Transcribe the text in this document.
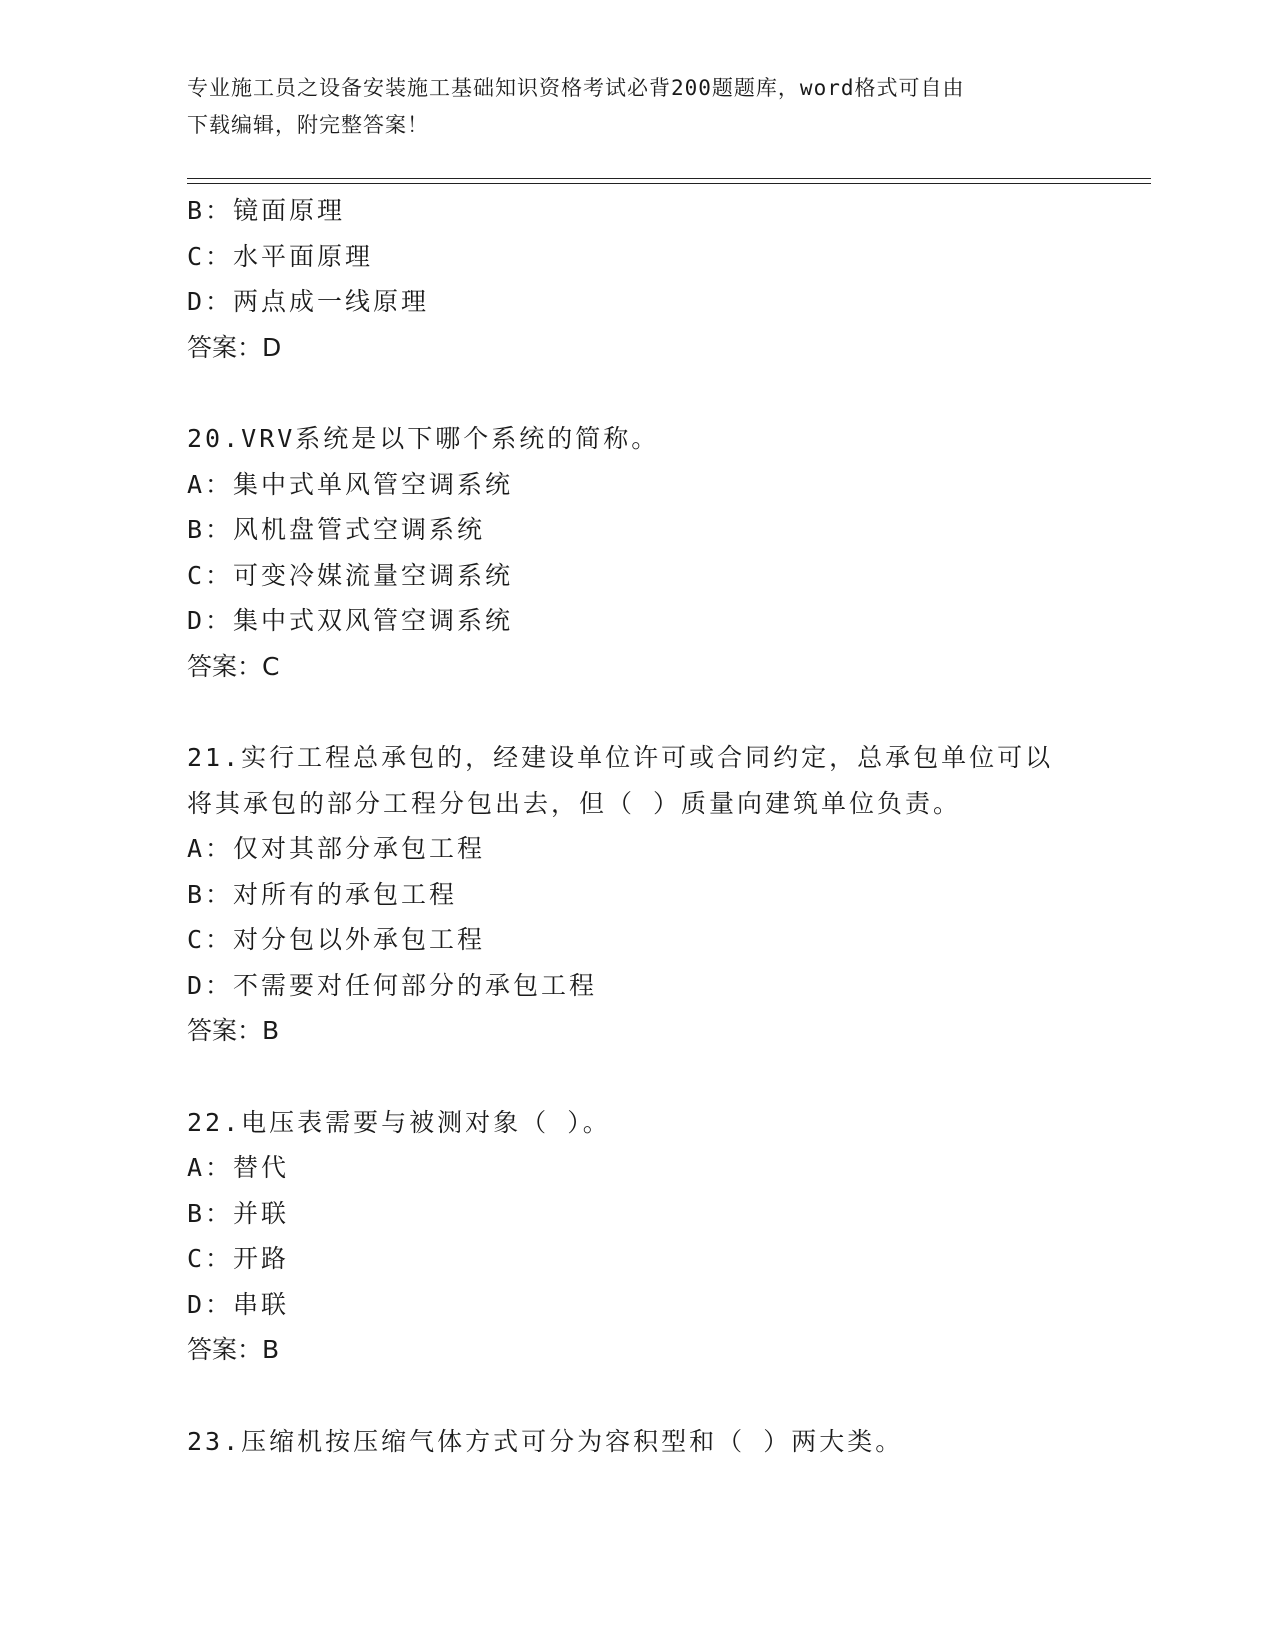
专业施工员之设备安装施工基础知识资格考试必背200题题库，word格式可自由
下载编辑，附完整答案！
B：镜面原理
C：水平面原理
D：两点成一线原理
答案：D
20.VRV系统是以下哪个系统的简称。
A：集中式单风管空调系统
B：风机盘管式空调系统
C：可变冷媒流量空调系统
D：集中式双风管空调系统
答案：C
21.实行工程总承包的，经建设单位许可或合同约定，总承包单位可以
将其承包的部分工程分包出去，但（ ）质量向建筑单位负责。
A：仅对其部分承包工程
B：对所有的承包工程
C：对分包以外承包工程
D：不需要对任何部分的承包工程
答案：B
22.电压表需要与被测对象（ ）。
A：替代
B：并联
C：开路
D：串联
答案：B
23.压缩机按压缩气体方式可分为容积型和（ ）两大类。
